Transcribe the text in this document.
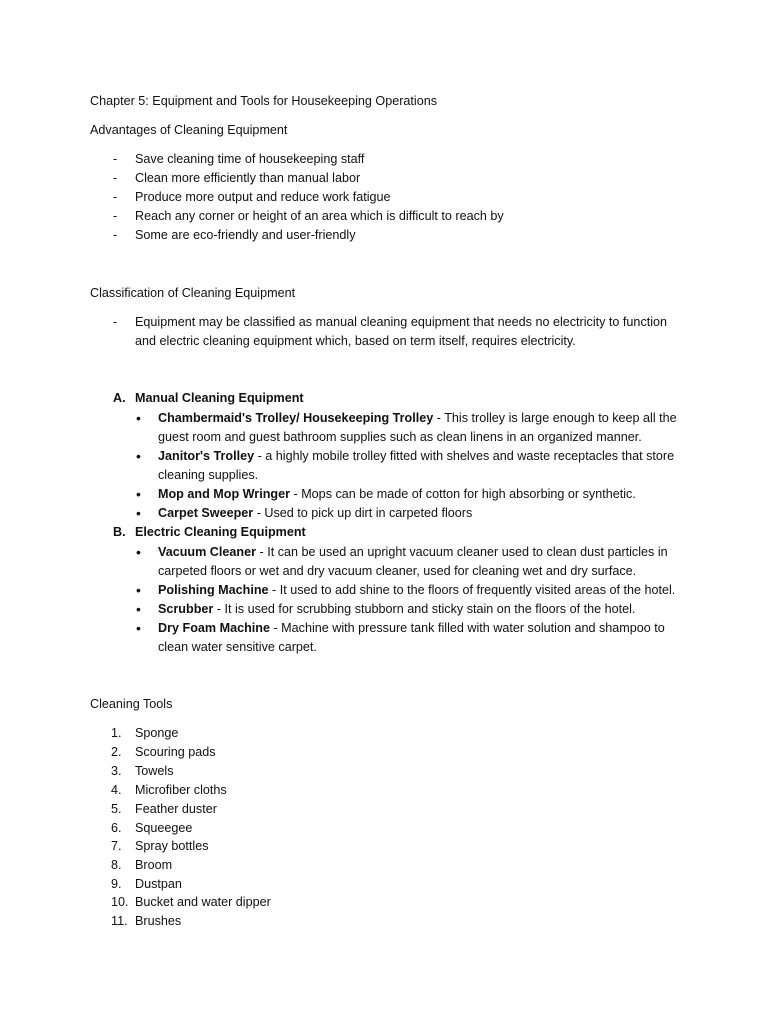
Chapter 5: Equipment and Tools for Housekeeping Operations
Advantages of Cleaning Equipment
-	Save cleaning time of housekeeping staff
-	Clean more efficiently than manual labor
-	Produce more output and reduce work fatigue
-	Reach any corner or height of an area which is difficult to reach by
-	Some are eco-friendly and user-friendly
Classification of Cleaning Equipment
-	Equipment may be classified as manual cleaning equipment that needs no electricity to function
and electric cleaning equipment which, based on term itself, requires electricity.
A. Manual Cleaning Equipment
• Chambermaid's Trolley/ Housekeeping Trolley - This trolley is large enough to keep all the
guest room and guest bathroom supplies such as clean linens in an organized manner.
• Janitor's Trolley - a highly mobile trolley fitted with shelves and waste receptacles that store
cleaning supplies.
• Mop and Mop Wringer - Mops can be made of cotton for high absorbing or synthetic.
• Carpet Sweeper - Used to pick up dirt in carpeted floors
B. Electric Cleaning Equipment
• Vacuum Cleaner - It can be used an upright vacuum cleaner used to clean dust particles in
carpeted floors or wet and dry vacuum cleaner, used for cleaning wet and dry surface.
• Polishing Machine - It used to add shine to the floors of frequently visited areas of the hotel.
• Scrubber - It is used for scrubbing stubborn and sticky stain on the floors of the hotel.
• Dry Foam Machine - Machine with pressure tank filled with water solution and shampoo to
clean water sensitive carpet.
Cleaning Tools
1.	Sponge
2.	Scouring pads
3.	Towels
4.	Microfiber cloths
5.	Feather duster
6.	Squeegee
7.	Spray bottles
8.	Broom
9.	Dustpan
10. Bucket and water dipper
11. Brushes
